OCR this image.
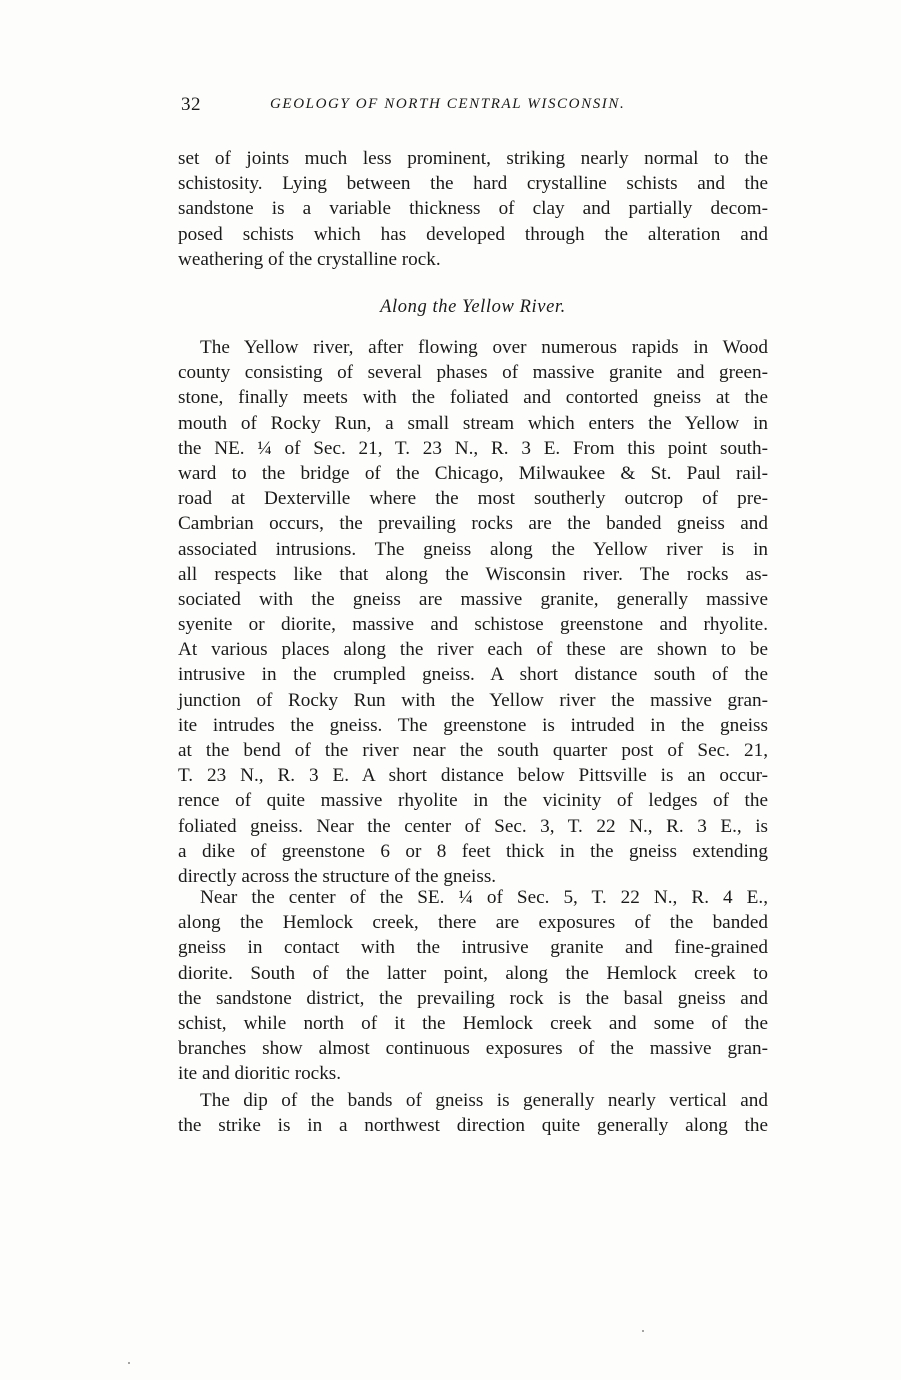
32	GEOLOGY OF NORTH CENTRAL WISCONSIN.
set of joints much less prominent, striking nearly normal to the
schistosity. Lying between the hard crystalline schists and the
sandstone is a variable thickness of clay and partially decom-
posed schists which has developed through the alteration and
weathering of the crystalline rock.
Along the Yellow River.
The Yellow river, after flowing over numerous rapids in Wood
county consisting of several phases of massive granite and green-
stone, finally meets with the foliated and contorted gneiss at the
mouth of Rocky Run, a small stream which enters the Yellow in
the NE. ¼ of Sec. 21, T. 23 N., R. 3 E. From this point south-
ward to the bridge of the Chicago, Milwaukee & St. Paul rail-
road at Dexterville where the most southerly outcrop of pre-
Cambrian occurs, the prevailing rocks are the banded gneiss and
associated intrusions. The gneiss along the Yellow river is in
all respects like that along the Wisconsin river. The rocks as-
sociated with the gneiss are massive granite, generally massive
syenite or diorite, massive and schistose greenstone and rhyolite.
At various places along the river each of these are shown to be
intrusive in the crumpled gneiss. A short distance south of the
junction of Rocky Run with the Yellow river the massive gran-
ite intrudes the gneiss. The greenstone is intruded in the gneiss
at the bend of the river near the south quarter post of Sec. 21,
T. 23 N., R. 3 E. A short distance below Pittsville is an occur-
rence of quite massive rhyolite in the vicinity of ledges of the
foliated gneiss. Near the center of Sec. 3, T. 22 N., R. 3 E., is
a dike of greenstone 6 or 8 feet thick in the gneiss extending
directly across the structure of the gneiss.
Near the center of the SE. ¼ of Sec. 5, T. 22 N., R. 4 E.,
along the Hemlock creek, there are exposures of the banded
gneiss in contact with the intrusive granite and fine-grained
diorite. South of the latter point, along the Hemlock creek to
the sandstone district, the prevailing rock is the basal gneiss and
schist, while north of it the Hemlock creek and some of the
branches show almost continuous exposures of the massive gran-
ite and dioritic rocks.
The dip of the bands of gneiss is generally nearly vertical and
the strike is in a northwest direction quite generally along the
